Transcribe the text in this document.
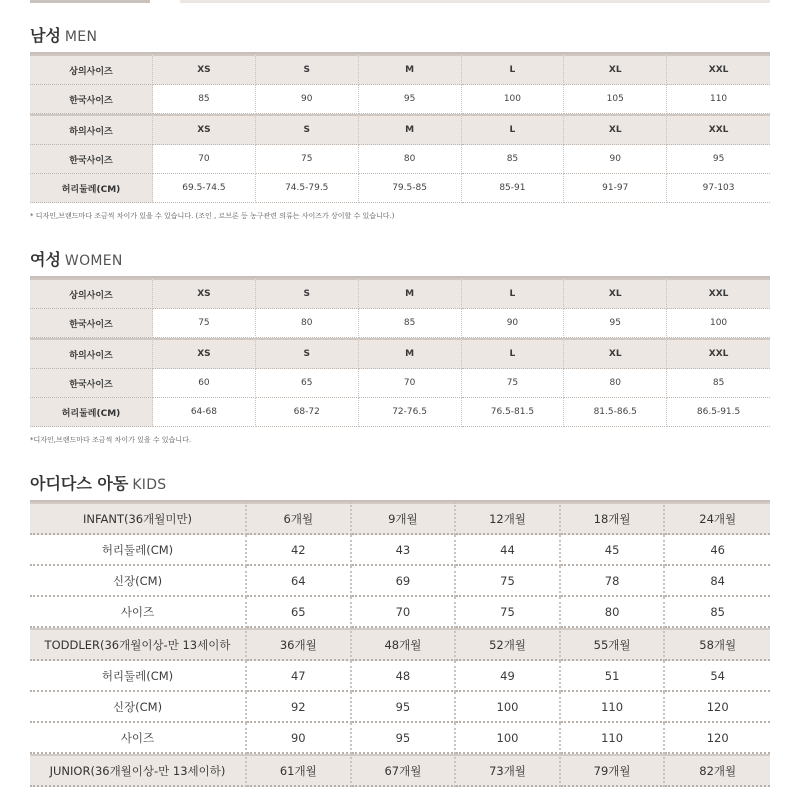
남성 MEN
상의사이즈	XS	S	M	L	XL	XXL
한국사이즈	85	90	95	100	105	110
하의사이즈	XS	S	M	L	XL	XXL
한국사이즈	70	75	80	85	90	95
허리둘레(CM)	69.5-74.5	74.5-79.5	79.5-85	85-91	91-97	97-103
* 디자인,브랜드마다 조금씩 차이가 있을 수 있습니다. (조인 , 르브론 등 농구관련 의류는 사이즈가 상이할 수 있습니다.)
여성 WOMEN
상의사이즈	XS	S	M	L	XL	XXL
한국사이즈	75	80	85	90	95	100
하의사이즈	XS	S	M	L	XL	XXL
한국사이즈	60	65	70	75	80	85
허리둘레(CM)	64-68	68-72	72-76.5	76.5-81.5	81.5-86.5	86.5-91.5
*디자인,브랜드마다 조금씩 차이가 있을 수 있습니다.
아디다스 아동 KIDS
INFANT(36개월미만)	6개월	9개월	12개월	18개월	24개월
허리둘레(CM)	42	43	44	45	46
신장(CM)	64	69	75	78	84
사이즈	65	70	75	80	85
TODDLER(36개월이상-만 13세이하	36개월	48개월	52개월	55개월	58개월
허리둘레(CM)	47	48	49	51	54
신장(CM)	92	95	100	110	120
사이즈	90	95	100	110	120
JUNIOR(36개월이상-만 13세이하)	61개월	67개월	73개월	79개월	82개월
